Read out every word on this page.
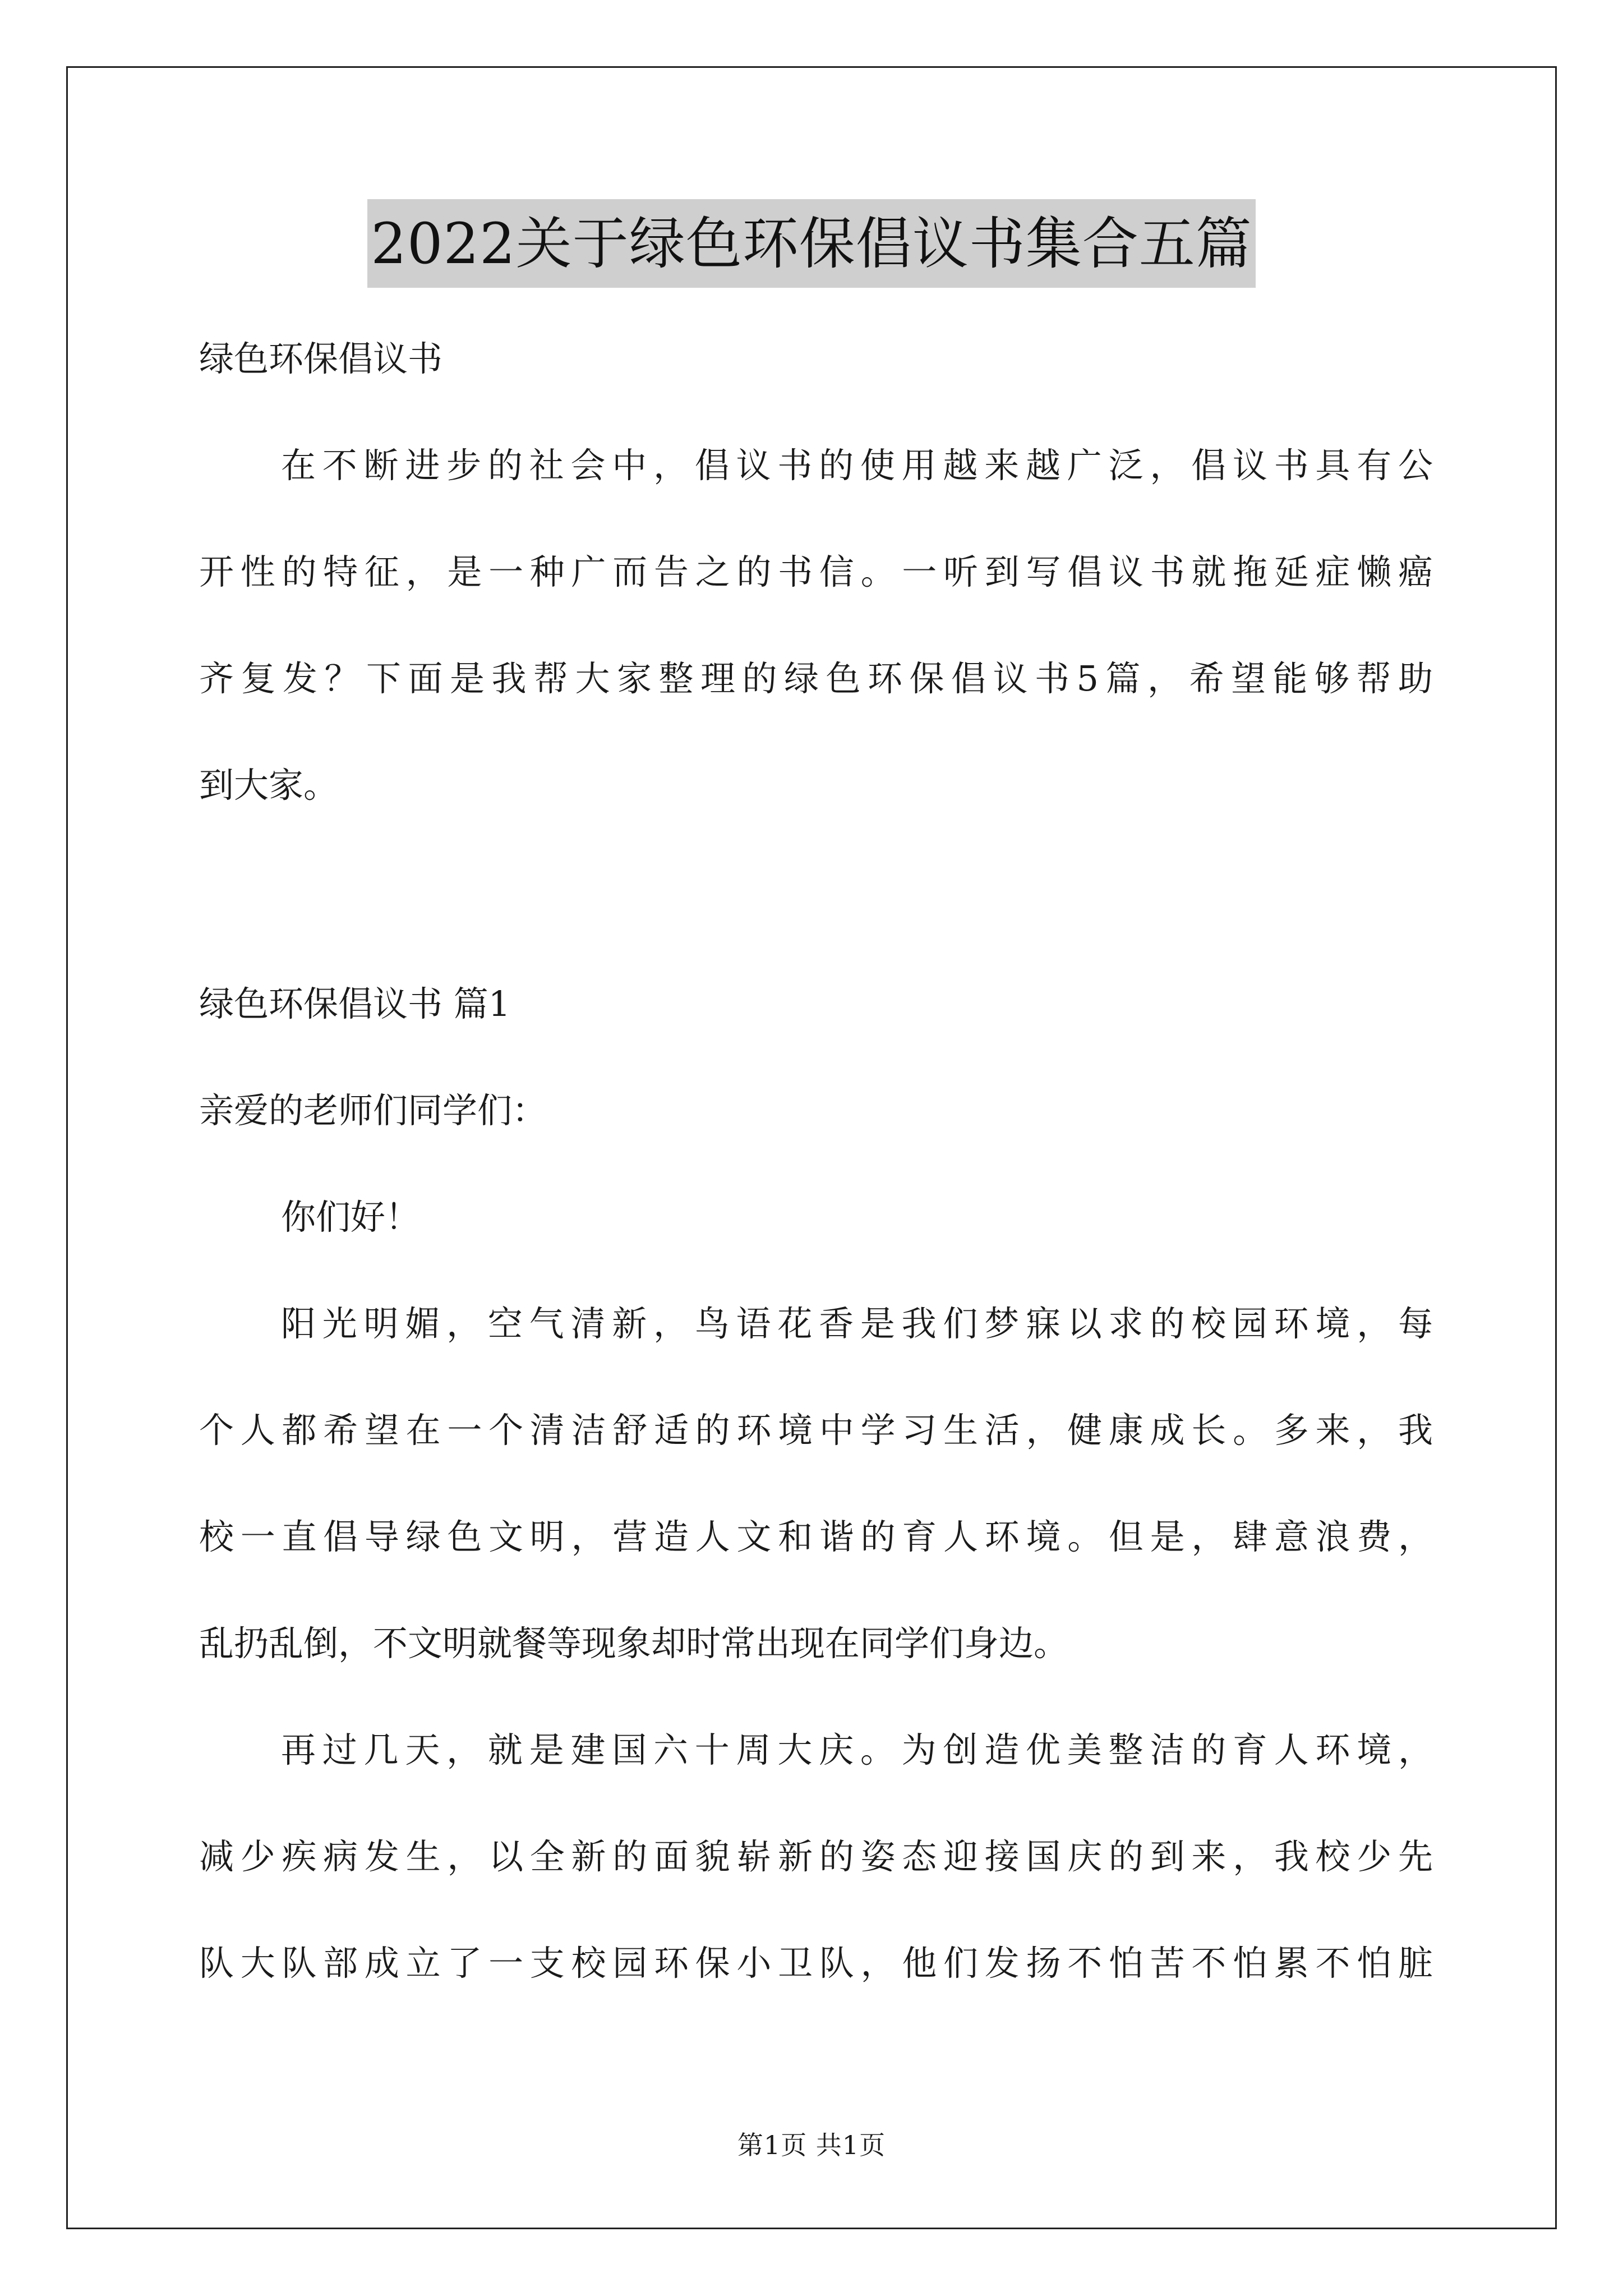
2022关于绿色环保倡议书集合五篇
绿色环保倡议书
在不断进步的社会中，倡议书的使用越来越广泛，倡议书具有公
开性的特征，是一种广而告之的书信。一听到写倡议书就拖延症懒癌
齐复发？下面是我帮大家整理的绿色环保倡议书5篇，希望能够帮助
到大家。
绿色环保倡议书 篇1
亲爱的老师们同学们：
你们好！
阳光明媚，空气清新，鸟语花香是我们梦寐以求的校园环境，每
个人都希望在一个清洁舒适的环境中学习生活，健康成长。多来，我
校一直倡导绿色文明，营造人文和谐的育人环境。但是，肆意浪费，
乱扔乱倒，不文明就餐等现象却时常出现在同学们身边。
再过几天，就是建国六十周大庆。为创造优美整洁的育人环境，
减少疾病发生，以全新的面貌崭新的姿态迎接国庆的到来，我校少先
队大队部成立了一支校园环保小卫队，他们发扬不怕苦不怕累不怕脏
第1页 共1页
